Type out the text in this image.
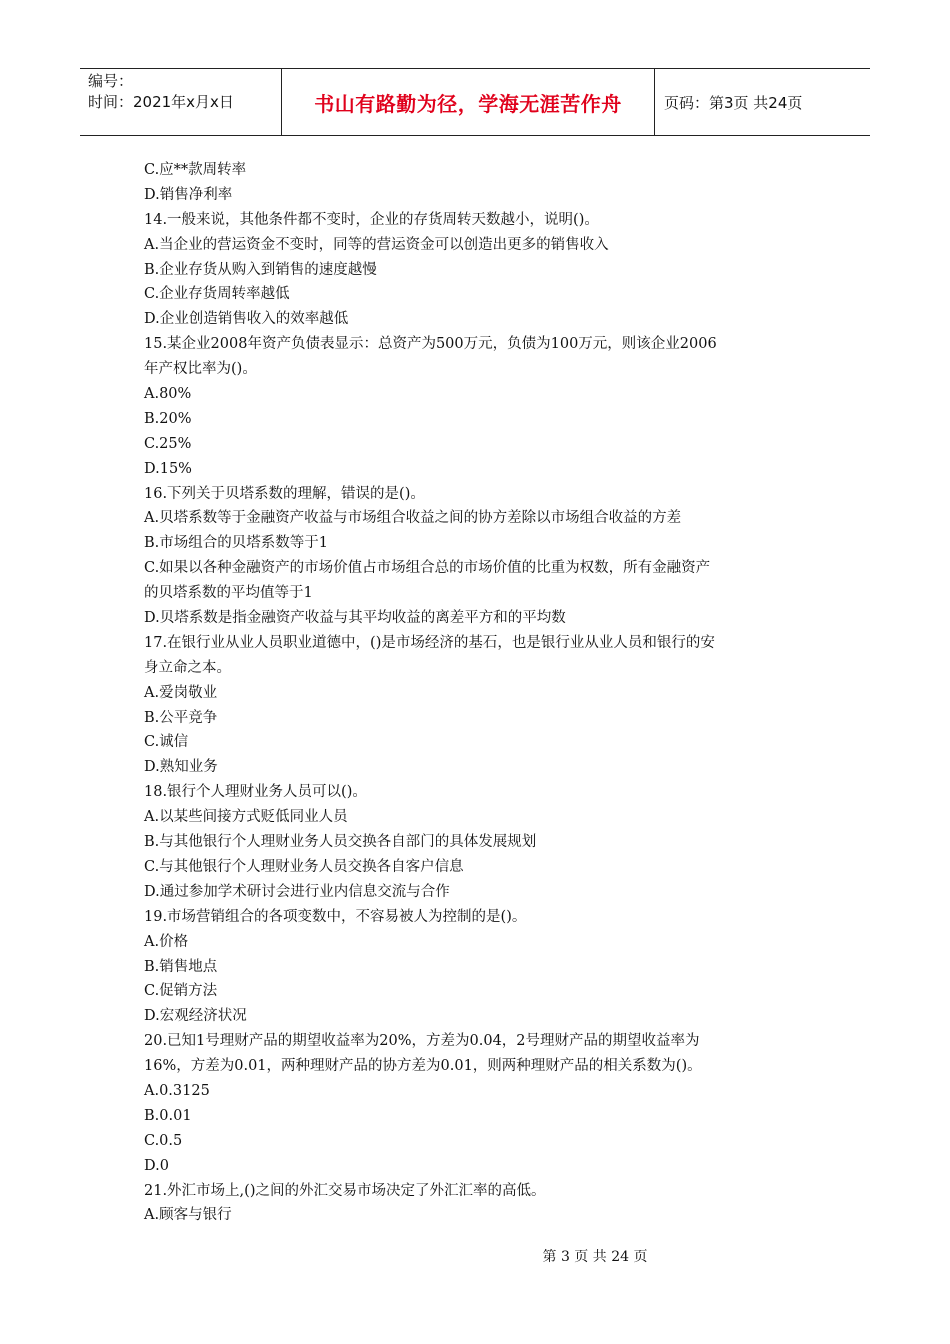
编号：
时间：2021年x月x日	书山有路勤为径，学海无涯苦作舟	页码：第3页 共24页
C.应**款周转率
D.销售净利率
14.一般来说，其他条件都不变时，企业的存货周转天数越小，说明()。
A.当企业的营运资金不变时，同等的营运资金可以创造出更多的销售收入
B.企业存货从购入到销售的速度越慢
C.企业存货周转率越低
D.企业创造销售收入的效率越低
15.某企业2008年资产负债表显示：总资产为500万元，负债为100万元，则该企业2006
年产权比率为()。
A.80%
B.20%
C.25%
D.15%
16.下列关于贝塔系数的理解，错误的是()。
A.贝塔系数等于金融资产收益与市场组合收益之间的协方差除以市场组合收益的方差
B.市场组合的贝塔系数等于1
C.如果以各种金融资产的市场价值占市场组合总的市场价值的比重为权数，所有金融资产
的贝塔系数的平均值等于1
D.贝塔系数是指金融资产收益与其平均收益的离差平方和的平均数
17.在银行业从业人员职业道德中，()是市场经济的基石，也是银行业从业人员和银行的安
身立命之本。
A.爱岗敬业
B.公平竞争
C.诚信
D.熟知业务
18.银行个人理财业务人员可以()。
A.以某些间接方式贬低同业人员
B.与其他银行个人理财业务人员交换各自部门的具体发展规划
C.与其他银行个人理财业务人员交换各自客户信息
D.通过参加学术研讨会进行业内信息交流与合作
19.市场营销组合的各项变数中，不容易被人为控制的是()。
A.价格
B.销售地点
C.促销方法
D.宏观经济状况
20.已知1号理财产品的期望收益率为20%，方差为0.04，2号理财产品的期望收益率为
16%，方差为0.01，两种理财产品的协方差为0.01，则两种理财产品的相关系数为()。
A.0.3125
B.0.01
C.0.5
D.0
21.外汇市场上,()之间的外汇交易市场决定了外汇汇率的高低。
A.顾客与银行
第 3 页 共 24 页
